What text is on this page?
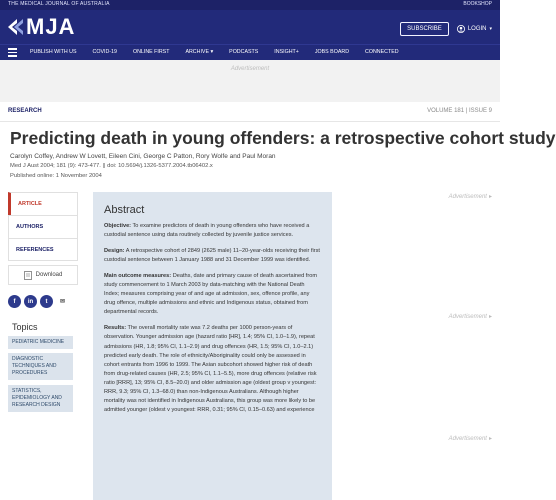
THE MEDICAL JOURNAL OF AUSTRALIA	BOOKSHOP
MJA	SUBSCRIBE	LOGIN ▾
PUBLISH WITH US	COVID-19	ONLINE FIRST	ARCHIVE ▾	PODCASTS	INSIGHT+	JOBS BOARD	CONNECTED
Advertisement
RESEARCH	VOLUME 181 | ISSUE 9
Predicting death in young offenders: a retrospective cohort study
Carolyn Coffey, Andrew W Lovett, Eileen Cini, George C Patton, Rory Wolfe and Paul Moran
Med J Aust 2004; 181 (9): 473-477. || doi: 10.5694/j.1326-5377.2004.tb06402.x
Published online: 1 November 2004
ARTICLE
AUTHORS
REFERENCES
Download
f	in	t	✉
Topics
PEDIATRIC MEDICINE
DIAGNOSTIC TECHNIQUES AND PROCEDURES
STATISTICS, EPIDEMIOLOGY AND RESEARCH DESIGN
Abstract

Objective: To examine predictors of death in young offenders who have received a custodial sentence using data routinely collected by juvenile justice services.

Design: A retrospective cohort of 2849 (2625 male) 11–20-year-olds receiving their first custodial sentence between 1 January 1988 and 31 December 1999 was identified.

Main outcome measures: Deaths, date and primary cause of death ascertained from study commencement to 1 March 2003 by data-matching with the National Death Index; measures comprising year of and age at admission, sex, offence profile, any drug offence, multiple admissions and ethnic and Indigenous status, obtained from departmental records.

Results: The overall mortality rate was 7.2 deaths per 1000 person-years of observation. Younger admission age (hazard ratio [HR], 1.4; 95% CI, 1.0–1.9), repeat admissions (HR, 1.8; 95% CI, 1.1–2.9) and drug offences (HR, 1.5; 95% CI, 1.0–2.1) predicted early death. The role of ethnicity/Aboriginality could only be assessed in cohort entrants from 1996 to 1999. The Asian subcohort showed higher risk of death from drug-related causes (HR, 2.5; 95% CI, 1.1–5.5), more drug offences (relative risk ratio [RRR], 13; 95% CI, 8.5–20.0) and older admission age (oldest group v youngest: RRR, 9.3; 95% CI, 1.3–68.0) than non-Indigenous Australians. Although higher mortality was not identified in Indigenous Australians, this group was more likely to be admitted younger (oldest v youngest: RRR, 0.31; 95% CI, 0.15–0.63) and experience

Advertisement ▸
Advertisement ▸
Advertisement ▸
